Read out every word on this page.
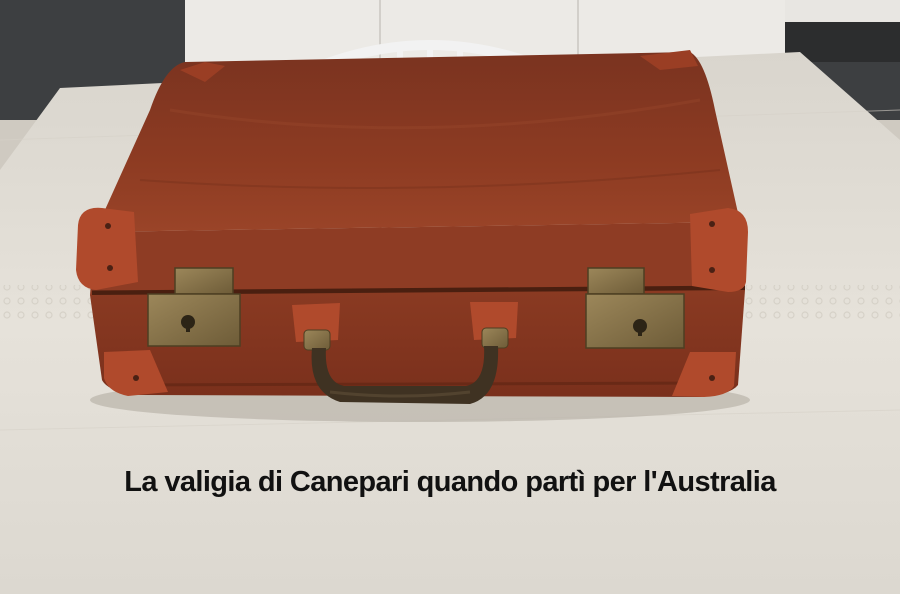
La valigia di Canepari quando partì per l'Australia
